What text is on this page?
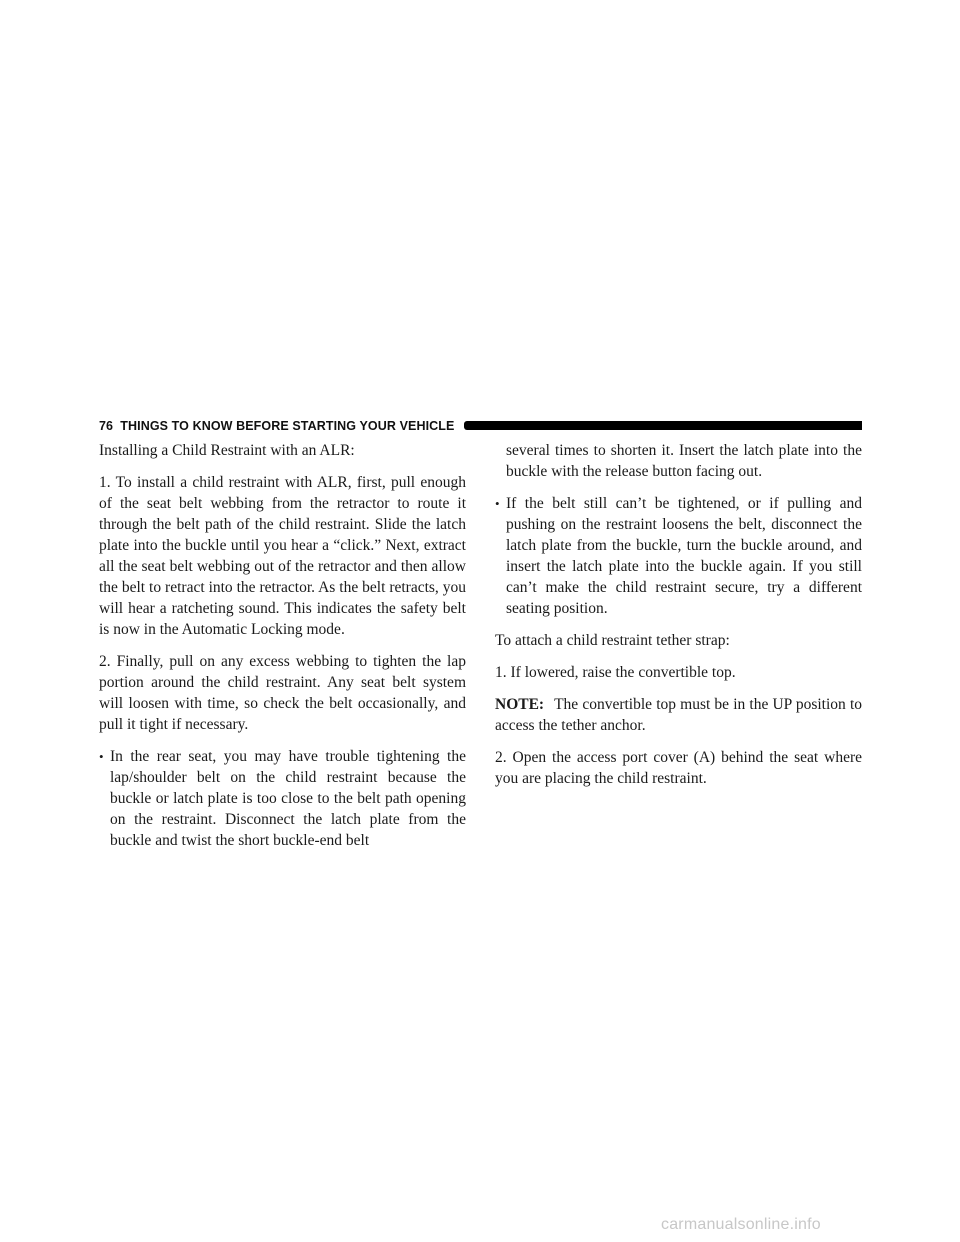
76 THINGS TO KNOW BEFORE STARTING YOUR VEHICLE

Installing a Child Restraint with an ALR:

1. To install a child restraint with ALR, first, pull enough of the seat belt webbing from the retractor to route it through the belt path of the child restraint. Slide the latch plate into the buckle until you hear a “click.” Next, extract all the seat belt webbing out of the retractor and then allow the belt to retract into the retractor. As the belt retracts, you will hear a ratcheting sound. This indicates the safety belt is now in the Automatic Locking mode.

2. Finally, pull on any excess webbing to tighten the lap portion around the child restraint. Any seat belt system will loosen with time, so check the belt occasionally, and pull it tight if necessary.

• In the rear seat, you may have trouble tightening the lap/shoulder belt on the child restraint because the buckle or latch plate is too close to the belt path opening on the restraint. Disconnect the latch plate from the buckle and twist the short buckle-end belt

several times to shorten it. Insert the latch plate into the buckle with the release button facing out.

• If the belt still can’t be tightened, or if pulling and pushing on the restraint loosens the belt, disconnect the latch plate from the buckle, turn the buckle around, and insert the latch plate into the buckle again. If you still can’t make the child restraint secure, try a different seating position.

To attach a child restraint tether strap:

1. If lowered, raise the convertible top.

NOTE: The convertible top must be in the UP position to access the tether anchor.

2. Open the access port cover (A) behind the seat where you are placing the child restraint.

carmanualsonline.info
